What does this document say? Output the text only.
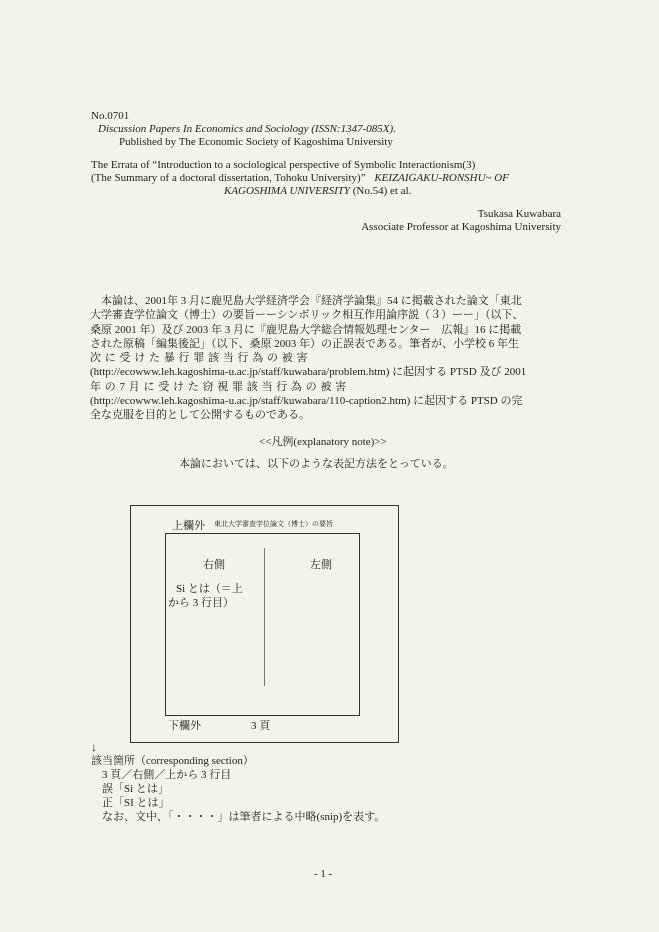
No.0701
Discussion Papers In Economics and Sociology (ISSN:1347-085X).
Published by The Economic Society of Kagoshima University
The Errata of “Introduction to a sociological perspective of Symbolic Interactionism(3)
(The Summary of a doctoral dissertation, Tohoku University)” KEIZAIGAKU-RONSHU~ OF
KAGOSHIMA UNIVERSITY (No.54) et al.
Tsukasa Kuwabara
Associate Professor at Kagoshima University

　本論は、2001年 3 月に鹿児島大学経済学会『経済学論集』54 に掲載された論文「東北

大学審査学位論文（博士）の要旨ーーシンボリック相互作用論序説（３）ーー」（以下、

桑原 2001 年）及び 2003 年 3 月に『鹿児島大学総合情報処理センター　広報』16 に掲載

された原稿「編集後記」（以下、桑原 2003 年）の正誤表である。筆者が、小学校 6 年生

次 に 受 け た 暴 行 罪 該 当 行 為 の 被 害

(http://ecowww.leh.kagoshima-u.ac.jp/staff/kuwabara/problem.htm) に起因する PTSD 及び 2001

年 の 7 月 に 受 け た 窃 視 罪 該 当 行 為 の 被 害

(http://ecowww.leh.kagoshima-u.ac.jp/staff/kuwabara/110-caption2.htm) に起因する PTSD の完

全な克服を目的として公開するものである。

<<凡例(explanatory note)>>
本論においては、以下のような表記方法をとっている。
上欄外 東北大学審査学位論文（博士）の要旨
右側	左側
Si とは（＝上
から 3 行目）
下欄外	3 頁
↓
該当箇所（corresponding section）
3 頁／右側／上から 3 行目
誤「Si とは」
正「SI とは」
なお、文中、「・・・・」は筆者による中略(snip)を表す。
- 1 -
